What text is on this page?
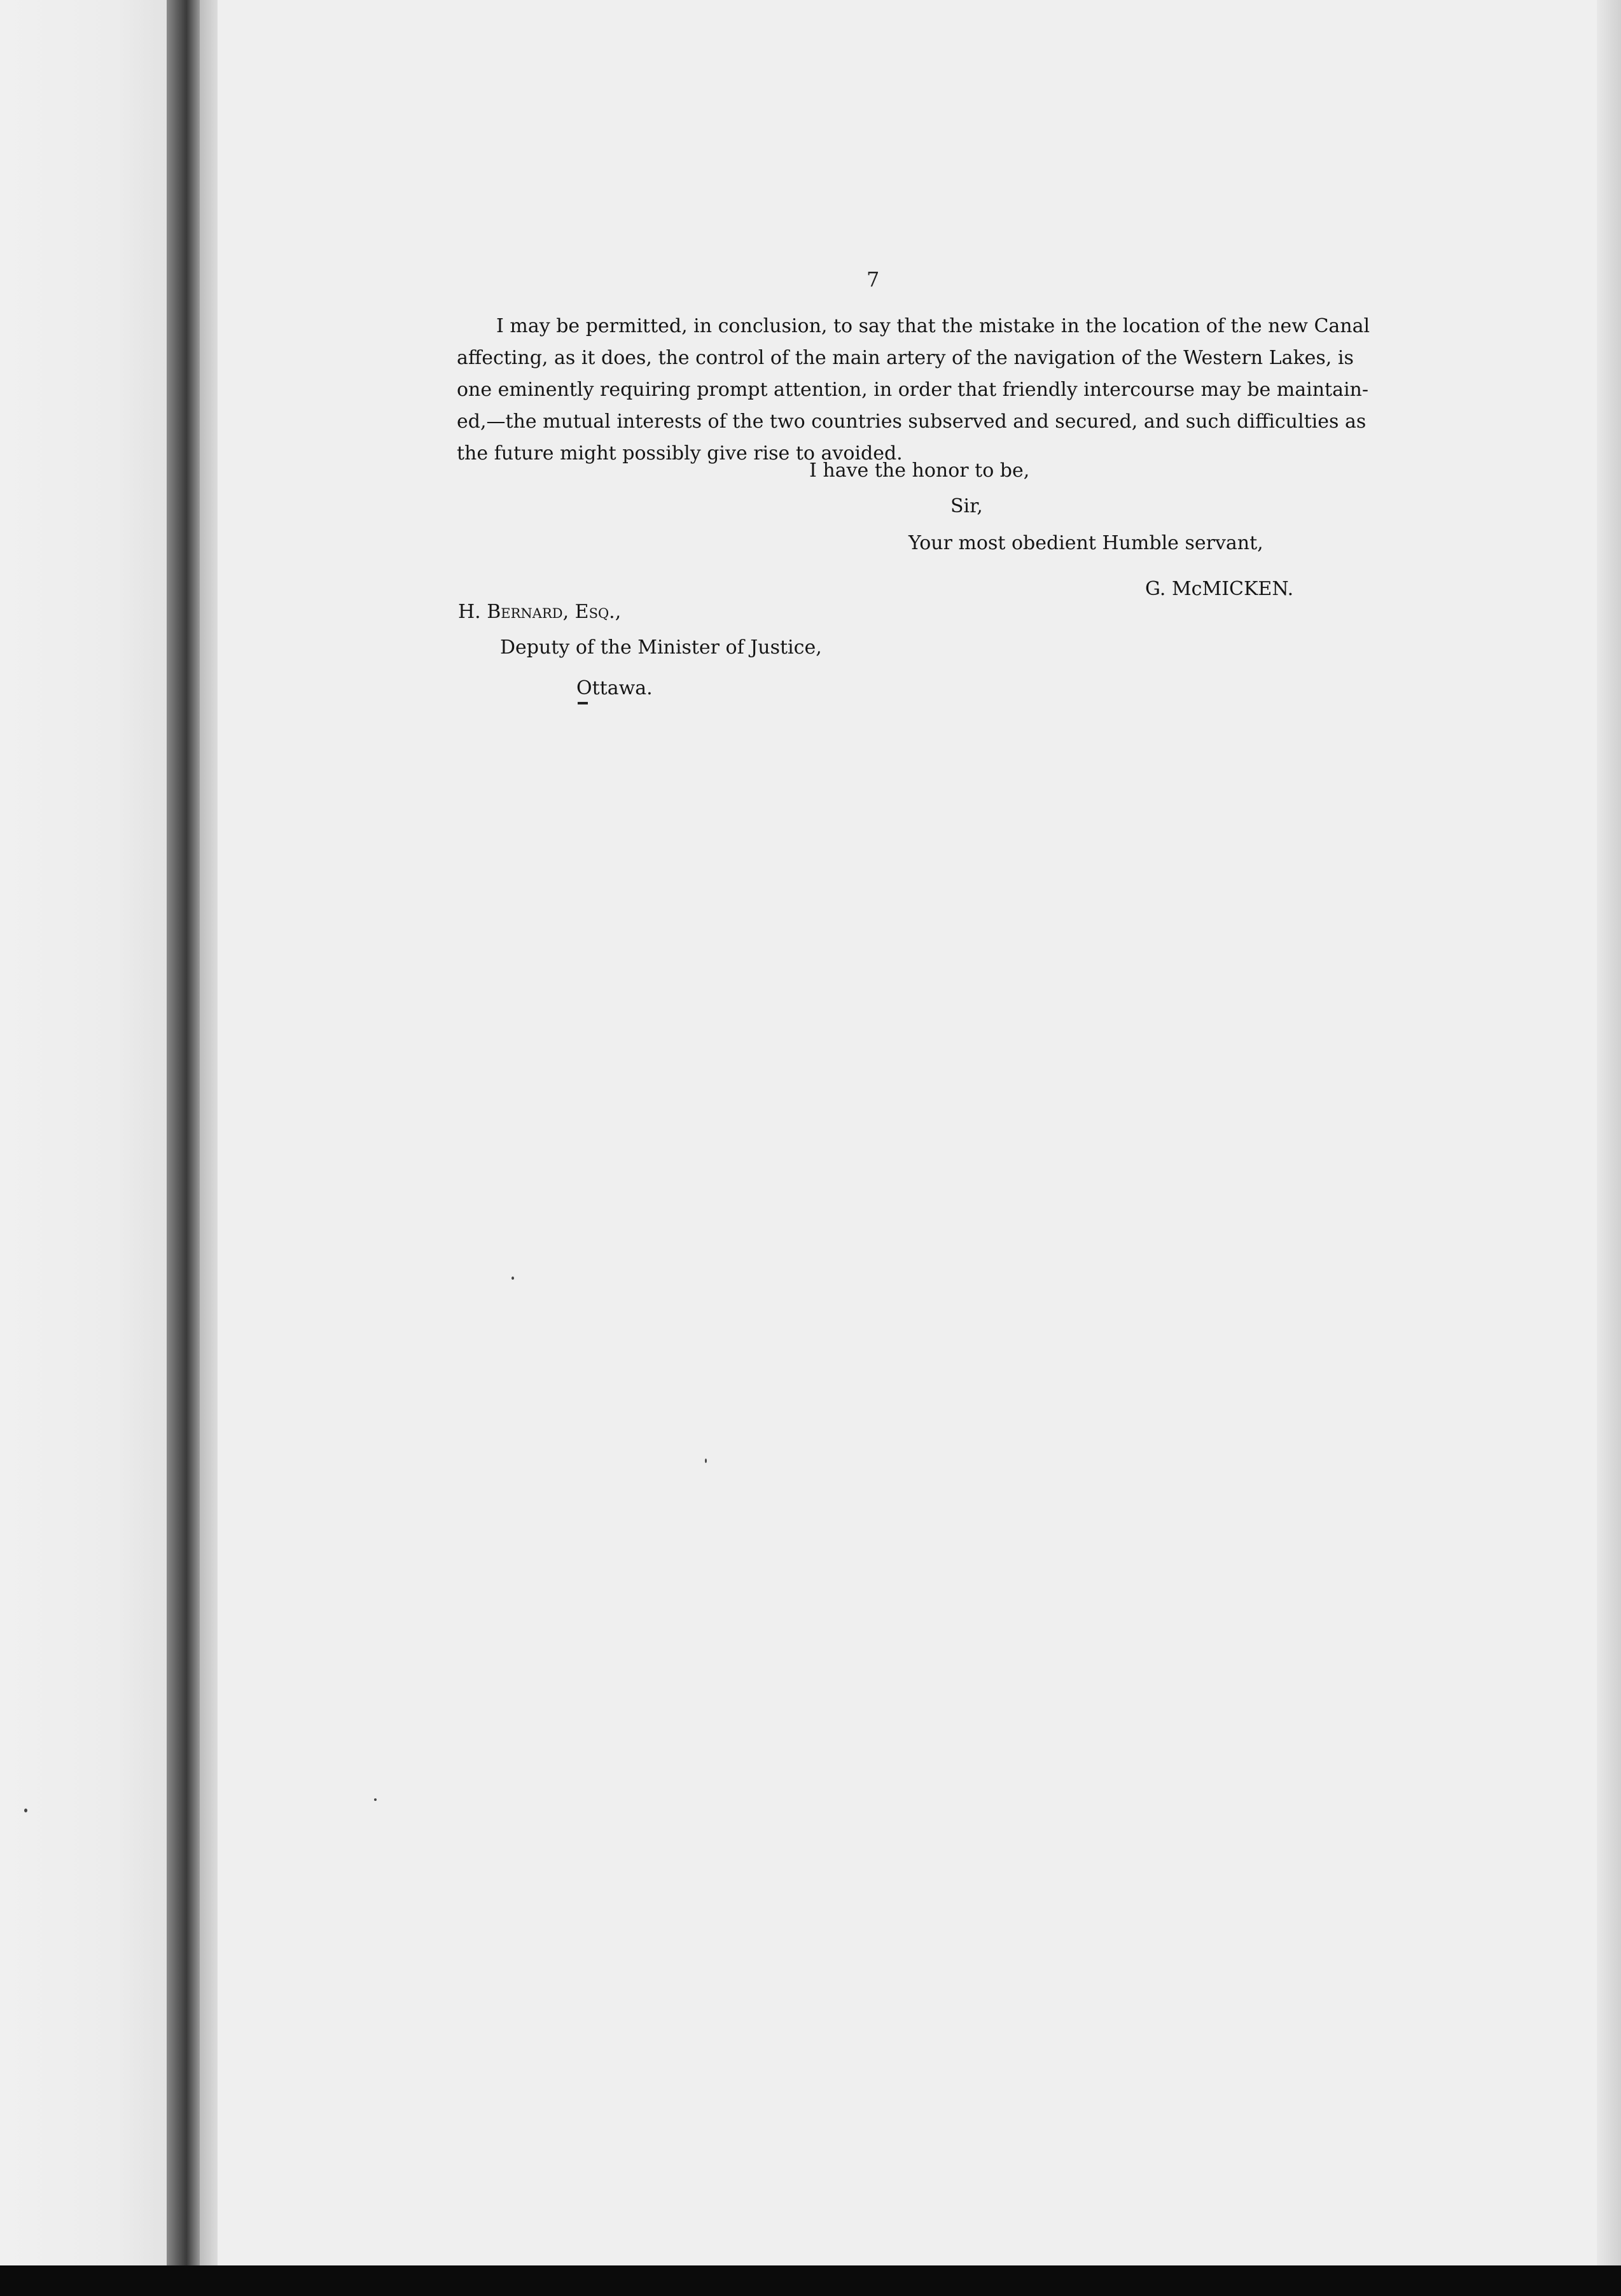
7
I may be permitted, in conclusion, to say that the mistake in the location of the new Canal
affecting, as it does, the control of the main artery of the navigation of the Western Lakes, is
one eminently requiring prompt attention, in order that friendly intercourse may be maintain-
ed,—the mutual interests of the two countries subserved and secured, and such difficulties as
the future might possibly give rise to avoided.
I have the honor to be,
Sir,
Your most obedient Humble servant,
G. McMICKEN.
H. Bernard, Esq.,
Deputy of the Minister of Justice,
Ottawa.
